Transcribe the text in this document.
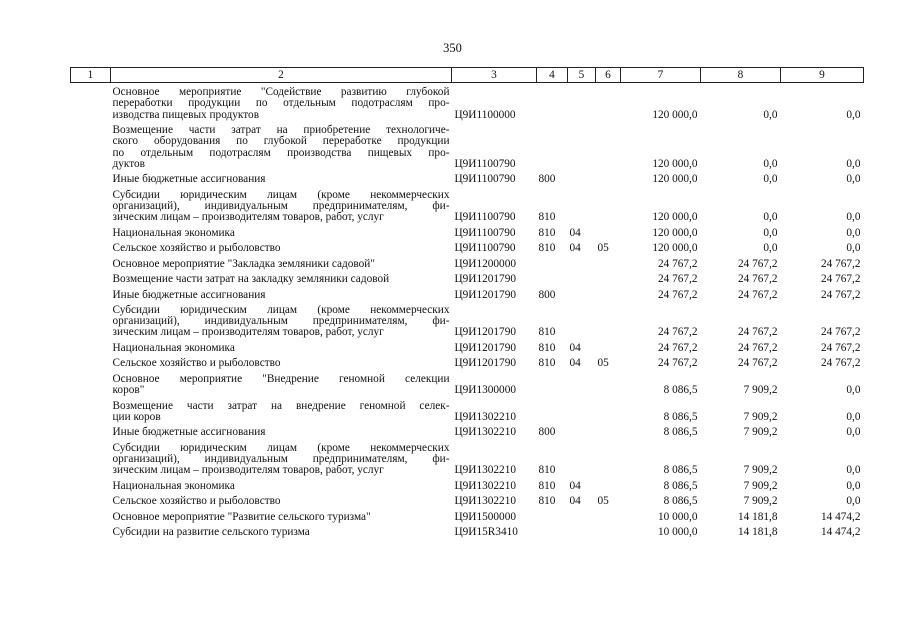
350
1	2	3	4	5	6	7	8	9

	Основное мероприятие "Содействие развитию глубокой
переработки продукции по отдельным подотраслям про-
изводства пищевых продуктов	Ц9И1100000				120 000,0	0,0	0,0

	Возмещение части затрат на приобретение технологиче-
ского оборудования по глубокой переработке продукции
по отдельным подотраслям производства пищевых про-
дуктов	Ц9И1100790				120 000,0	0,0	0,0

	Иные бюджетные ассигнования	Ц9И1100790	800			120 000,0	0,0	0,0

	Субсидии юридическим лицам (кроме некоммерческих
организаций), индивидуальным предпринимателям, фи-
зическим лицам – производителям товаров, работ, услуг	Ц9И1100790	810			120 000,0	0,0	0,0

	Национальная экономика	Ц9И1100790	810	04		120 000,0	0,0	0,0

	Сельское хозяйство и рыболовство	Ц9И1100790	810	04	05	120 000,0	0,0	0,0

	Основное мероприятие "Закладка земляники садовой"	Ц9И1200000				24 767,2	24 767,2	24 767,2

	Возмещение части затрат на закладку земляники садовой	Ц9И1201790				24 767,2	24 767,2	24 767,2

	Иные бюджетные ассигнования	Ц9И1201790	800			24 767,2	24 767,2	24 767,2

	Субсидии юридическим лицам (кроме некоммерческих
организаций), индивидуальным предпринимателям, фи-
зическим лицам – производителям товаров, работ, услуг	Ц9И1201790	810			24 767,2	24 767,2	24 767,2

	Национальная экономика	Ц9И1201790	810	04		24 767,2	24 767,2	24 767,2

	Сельское хозяйство и рыболовство	Ц9И1201790	810	04	05	24 767,2	24 767,2	24 767,2

	Основное мероприятие "Внедрение геномной селекции
коров"	Ц9И1300000				8 086,5	7 909,2	0,0

	Возмещение части затрат на внедрение геномной селек-
ции коров	Ц9И1302210				8 086,5	7 909,2	0,0

	Иные бюджетные ассигнования	Ц9И1302210	800			8 086,5	7 909,2	0,0

	Субсидии юридическим лицам (кроме некоммерческих
организаций), индивидуальным предпринимателям, фи-
зическим лицам – производителям товаров, работ, услуг	Ц9И1302210	810			8 086,5	7 909,2	0,0

	Национальная экономика	Ц9И1302210	810	04		8 086,5	7 909,2	0,0

	Сельское хозяйство и рыболовство	Ц9И1302210	810	04	05	8 086,5	7 909,2	0,0

	Основное мероприятие "Развитие сельского туризма"	Ц9И1500000				10 000,0	14 181,8	14 474,2

	Субсидии на развитие сельского туризма	Ц9И15R3410				10 000,0	14 181,8	14 474,2
